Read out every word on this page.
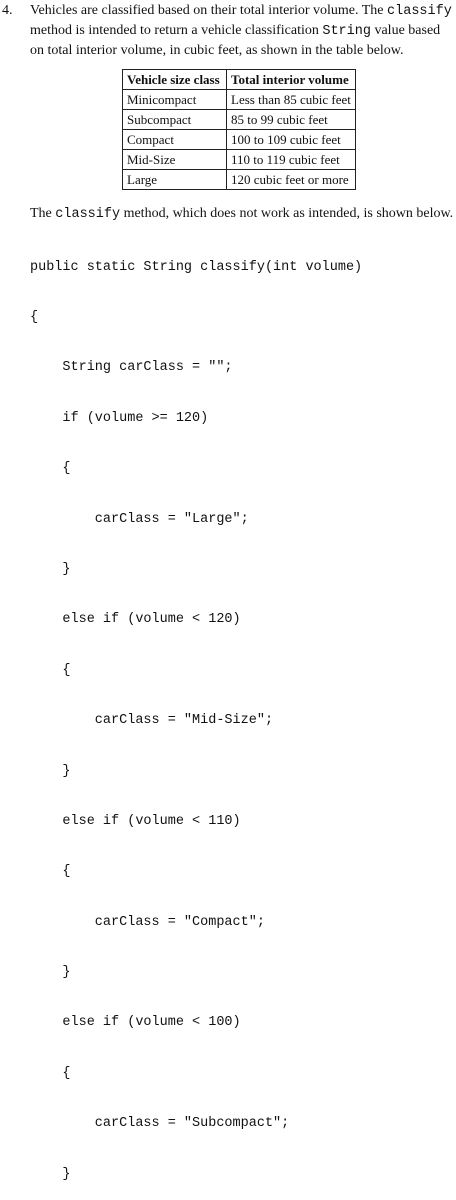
4. Vehicles are classified based on their total interior volume. The classify method is intended to return a vehicle classification String value based on total interior volume, in cubic feet, as shown in the table below.
Vehicle size class	Total interior volume
Minicompact	Less than 85 cubic feet
Subcompact	85 to 99 cubic feet
Compact	100 to 109 cubic feet
Mid-Size	110 to 119 cubic feet
Large	120 cubic feet or more
The classify method, which does not work as intended, is shown below.

public static String classify(int volume)

{

String carClass = "";

if (volume >= 120)

{

carClass = "Large";

}

else if (volume < 120)

{

carClass = "Mid-Size";

}

else if (volume < 110)

{

carClass = "Compact";

}

else if (volume < 100)

{

carClass = "Subcompact";

}
